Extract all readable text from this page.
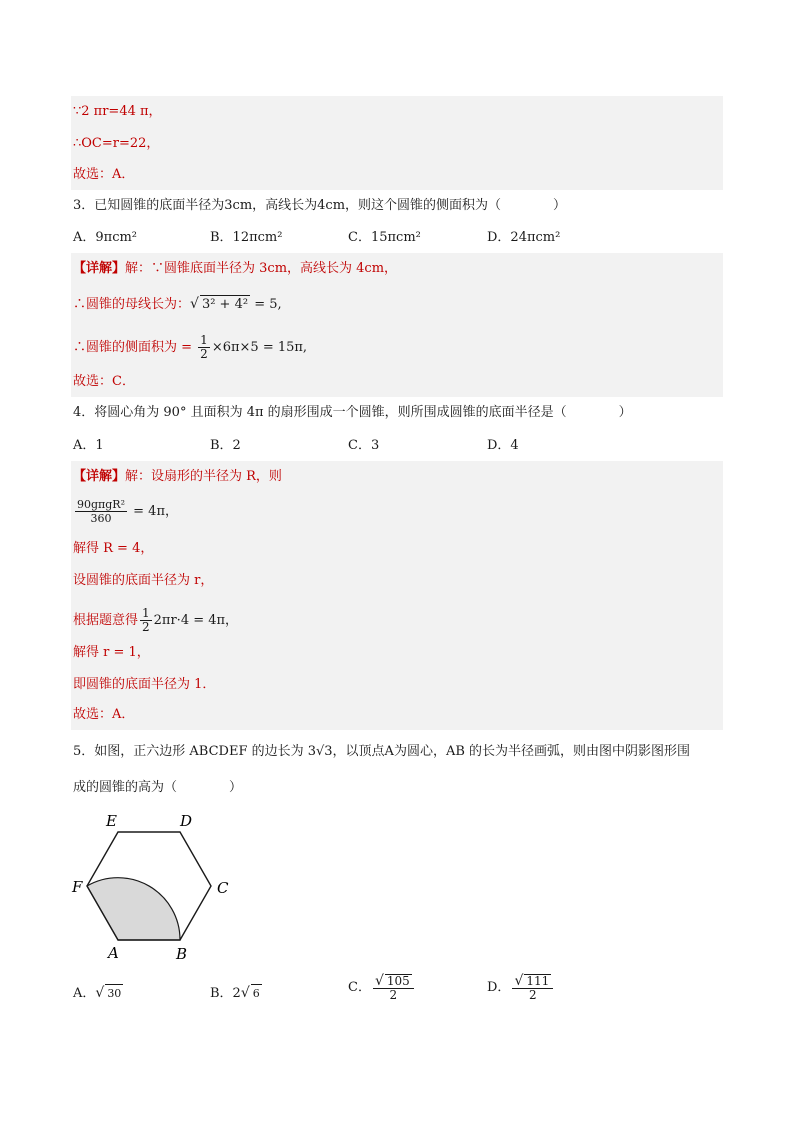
∵2 πr=44 π，
∴OC=r=22，
故选：A．
3．已知圆锥的底面半径为3cm，高线长为4cm，则这个圆锥的侧面积为（　　　　）
A．9πcm²	B．12πcm²	C．15πcm²	D．24πcm²
【详解】解：∵圆锥底面半径为 3cm，高线长为 4cm，
∴圆锥的母线长为：√ 3² + 4² = 5,
∴圆锥的侧面积为 = $\frac{1}{2} \times 6\pi\times 5 = 15\pi$,
故选：C．
4．将圆心角为 90° 且面积为 4π 的扇形围成一个圆锥，则所围成圆锥的底面半径是（　　　　）
A．1	B．2	C．3	D．4
【详解】解：设扇形的半径为 R，则
$\frac{\text{90gπgR²}}{360} = 4\pi$，
解得 R = 4，
设圆锥的底面半径为 r，
根据题意得 $\frac{1}{2} 2\pi r\cdot 4 = 4\pi$，
解得 r = 1，
即圆锥的底面半径为 1．
故选：A．
5．如图，正六边形 ABCDEF 的边长为 3√3，以顶点A为圆心，AB 的长为半径画弧，则由图中阴影图形围
成的圆锥的高为（　　　　）
E	D
F	C
A	B
A．√ 30	B．2√ 6	C． $\frac{√ 105}{2}$	D． $\frac{√ 111}{2}$
